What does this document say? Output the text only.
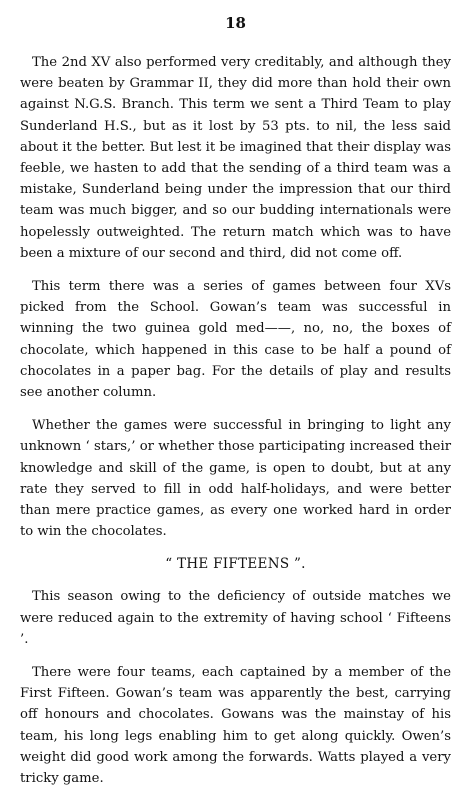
18

The 2nd XV also performed very creditably, and although they were beaten by Grammar II, they did more than hold their own against N.G.S. Branch. This term we sent a Third Team to play Sunderland H.S., but as it lost by 53 pts. to nil, the less said about it the better. But lest it be imagined that their display was feeble, we hasten to add that the sending of a third team was a mistake, Sunderland being under the impression that our third team was much bigger, and so our budding internationals were hopelessly outweighted. The return match which was to have been a mixture of our second and third, did not come off.

This term there was a series of games between four XVs picked from the School. Gowan’s team was successful in winning the two guinea gold med——, no, no, the boxes of chocolate, which happened in this case to be half a pound of chocolates in a paper bag. For the details of play and results see another column.

Whether the games were successful in bringing to light any unknown ‘ stars,’ or whether those participating increased their knowledge and skill of the game, is open to doubt, but at any rate they served to fill in odd half-holidays, and were better than mere practice games, as every one worked hard in order to win the chocolates.

“ THE FIFTEENS ”.

This season owing to the deficiency of outside matches we were reduced again to the extremity of having school ‘ Fifteens ’.

There were four teams, each captained by a member of the First Fifteen. Gowan’s team was apparently the best, carrying off honours and chocolates. Gowans was the mainstay of his team, his long legs enabling him to get along quickly. Owen’s weight did good work among the forwards. Watts played a very tricky game.
